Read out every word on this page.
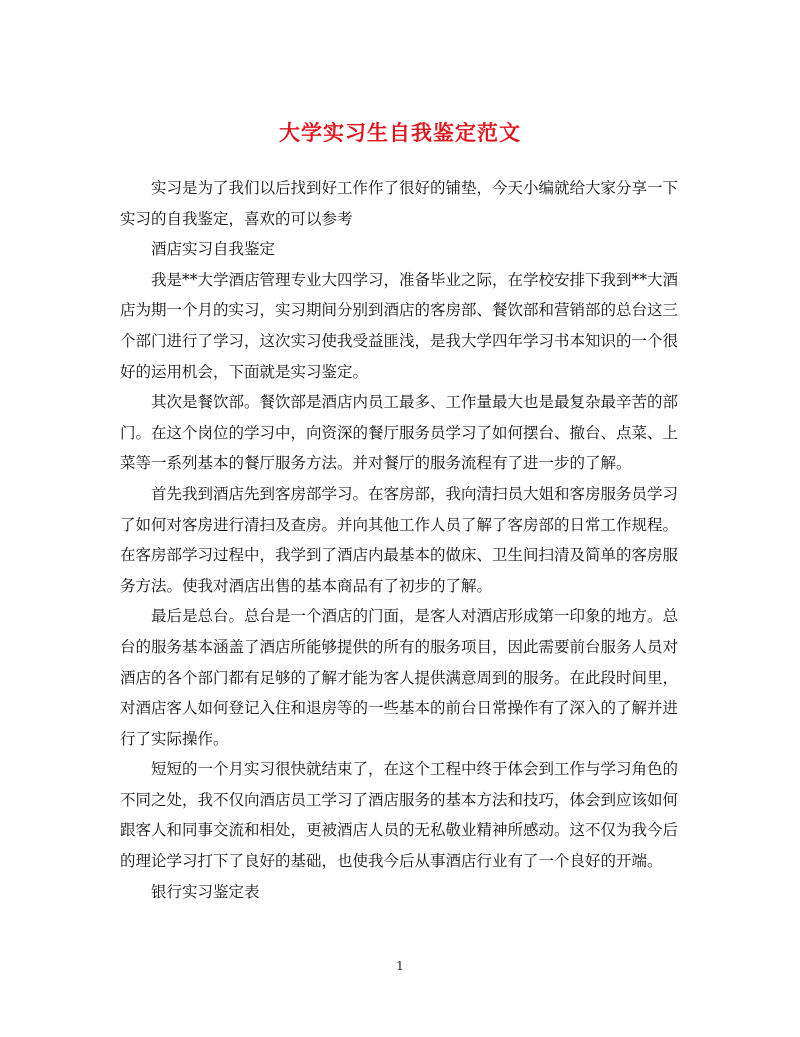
大学实习生自我鉴定范文

实习是为了我们以后找到好工作作了很好的铺垫，今天小编就给大家分享一下实习的自我鉴定，喜欢的可以参考

酒店实习自我鉴定

我是**大学酒店管理专业大四学习，准备毕业之际，在学校安排下我到**大酒店为期一个月的实习，实习期间分别到酒店的客房部、餐饮部和营销部的总台这三个部门进行了学习，这次实习使我受益匪浅，是我大学四年学习书本知识的一个很好的运用机会，下面就是实习鉴定。

其次是餐饮部。餐饮部是酒店内员工最多、工作量最大也是最复杂最辛苦的部门。在这个岗位的学习中，向资深的餐厅服务员学习了如何摆台、撤台、点菜、上菜等一系列基本的餐厅服务方法。并对餐厅的服务流程有了进一步的了解。

首先我到酒店先到客房部学习。在客房部，我向清扫员大姐和客房服务员学习了如何对客房进行清扫及查房。并向其他工作人员了解了客房部的日常工作规程。在客房部学习过程中，我学到了酒店内最基本的做床、卫生间扫清及简单的客房服务方法。使我对酒店出售的基本商品有了初步的了解。

最后是总台。总台是一个酒店的门面，是客人对酒店形成第一印象的地方。总台的服务基本涵盖了酒店所能够提供的所有的服务项目，因此需要前台服务人员对酒店的各个部门都有足够的了解才能为客人提供满意周到的服务。在此段时间里，对酒店客人如何登记入住和退房等的一些基本的前台日常操作有了深入的了解并进行了实际操作。

短短的一个月实习很快就结束了，在这个工程中终于体会到工作与学习角色的不同之处，我不仅向酒店员工学习了酒店服务的基本方法和技巧，体会到应该如何跟客人和同事交流和相处，更被酒店人员的无私敬业精神所感动。这不仅为我今后的理论学习打下了良好的基础，也使我今后从事酒店行业有了一个良好的开端。

银行实习鉴定表

1
